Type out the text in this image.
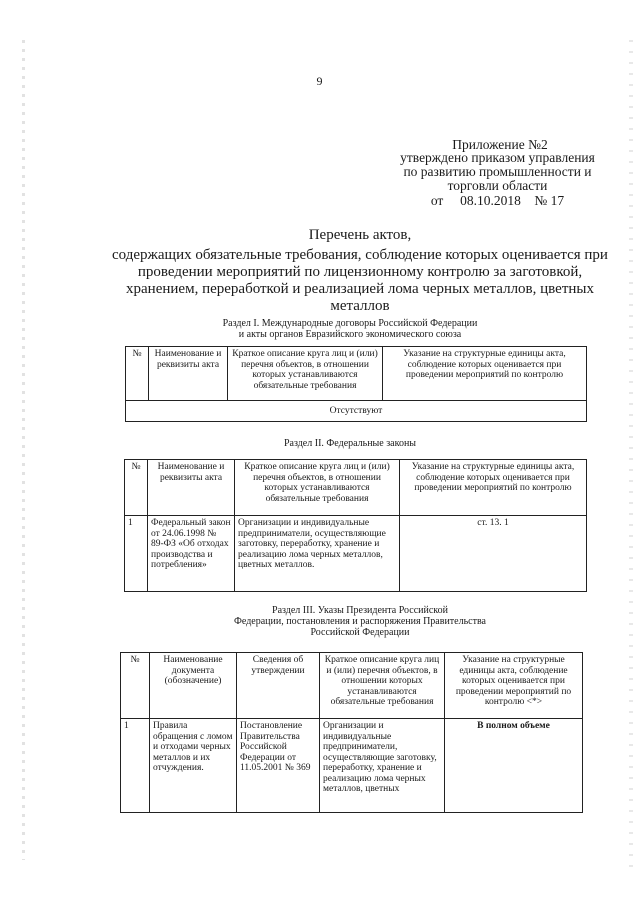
9
Приложение №2
утверждено приказом управления
по развитию промышленности и
торговли области
от     08.10.2018    № 17
Перечень актов,
содержащих обязательные требования, соблюдение которых оценивается при
проведении мероприятий по лицензионному контролю за заготовкой,
хранением, переработкой и реализацией лома черных металлов, цветных
металлов
Раздел I. Международные договоры Российской Федерации
и акты органов Евразийского экономического союза
№	Наименование и реквизиты акта	Краткое описание круга лиц и (или) перечня объектов, в отношении которых устанавливаются обязательные требования	Указание на структурные единицы акта, соблюдение которых оценивается при проведении мероприятий по контролю
Отсутствуют
Раздел II. Федеральные законы
№	Наименование и реквизиты акта	Краткое описание круга лиц и (или) перечня объектов, в отношении которых устанавливаются обязательные требования	Указание на структурные единицы акта, соблюдение которых оценивается при проведении мероприятий по контролю
1	Федеральный закон от 24.06.1998 № 89-ФЗ «Об отходах производства и потребления»	Организации и индивидуальные предприниматели, осуществляющие заготовку, переработку, хранение и реализацию лома черных металлов, цветных металлов.	ст. 13. 1
Раздел III. Указы Президента Российской
Федерации, постановления и распоряжения Правительства
Российской Федерации
№	Наименование документа (обозначение)	Сведения об утверждении	Краткое описание круга лиц и (или) перечня объектов, в отношении которых устанавливаются обязательные требования	Указание на структурные единицы акта, соблюдение которых оценивается при проведении мероприятий по контролю <*>
1	Правила обращения с ломом и отходами черных металлов и их отчуждения.	Постановление Правительства Российской Федерации от 11.05.2001 № 369	Организации и индивидуальные предприниматели, осуществляющие заготовку, переработку, хранение и реализацию лома черных металлов, цветных	В полном объеме
